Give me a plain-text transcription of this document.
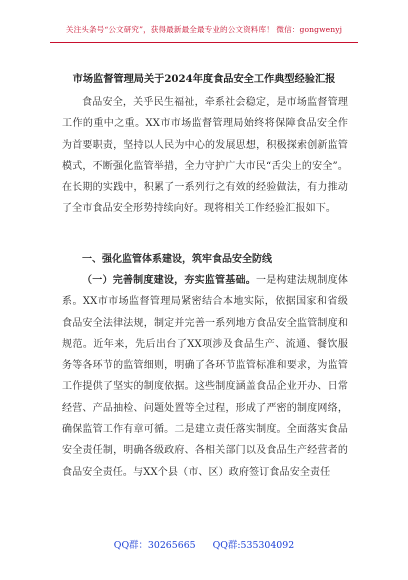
关注头条号“公文研究”，获得最新最全最专业的公文资料库！ 微信：gongwenyj
市场监督管理局关于2024年度食品安全工作典型经验汇报

食品安全，关乎民生福祉，牵系社会稳定，是市场监督管理工作的重中之重。XX市市场监督管理局始终将保障食品安全作为首要职责，坚持以人民为中心的发展思想，积极探索创新监管模式，不断强化监管举措，全力守护广大市民“舌尖上的安全”。在长期的实践中，积累了一系列行之有效的经验做法，有力推动了全市食品安全形势持续向好。现将相关工作经验汇报如下。

一、强化监管体系建设，筑牢食品安全防线

（一）完善制度建设，夯实监管基础。一是构建法规制度体系。XX市市场监督管理局紧密结合本地实际，依据国家和省级食品安全法律法规，制定并完善一系列地方食品安全监管制度和规范。近年来，先后出台了XX项涉及食品生产、流通、餐饮服务等各环节的监管细则，明确了各环节监管标准和要求，为监管工作提供了坚实的制度依据。这些制度涵盖食品企业开办、日常经营、产品抽检、问题处置等全过程，形成了严密的制度网络，确保监管工作有章可循。二是建立责任落实制度。全面落实食品安全责任制，明确各级政府、各相关部门以及食品生产经营者的食品安全责任。与XX个县（市、区）政府签订食品安全责任

QQ群：30265665 QQ群:535304092
